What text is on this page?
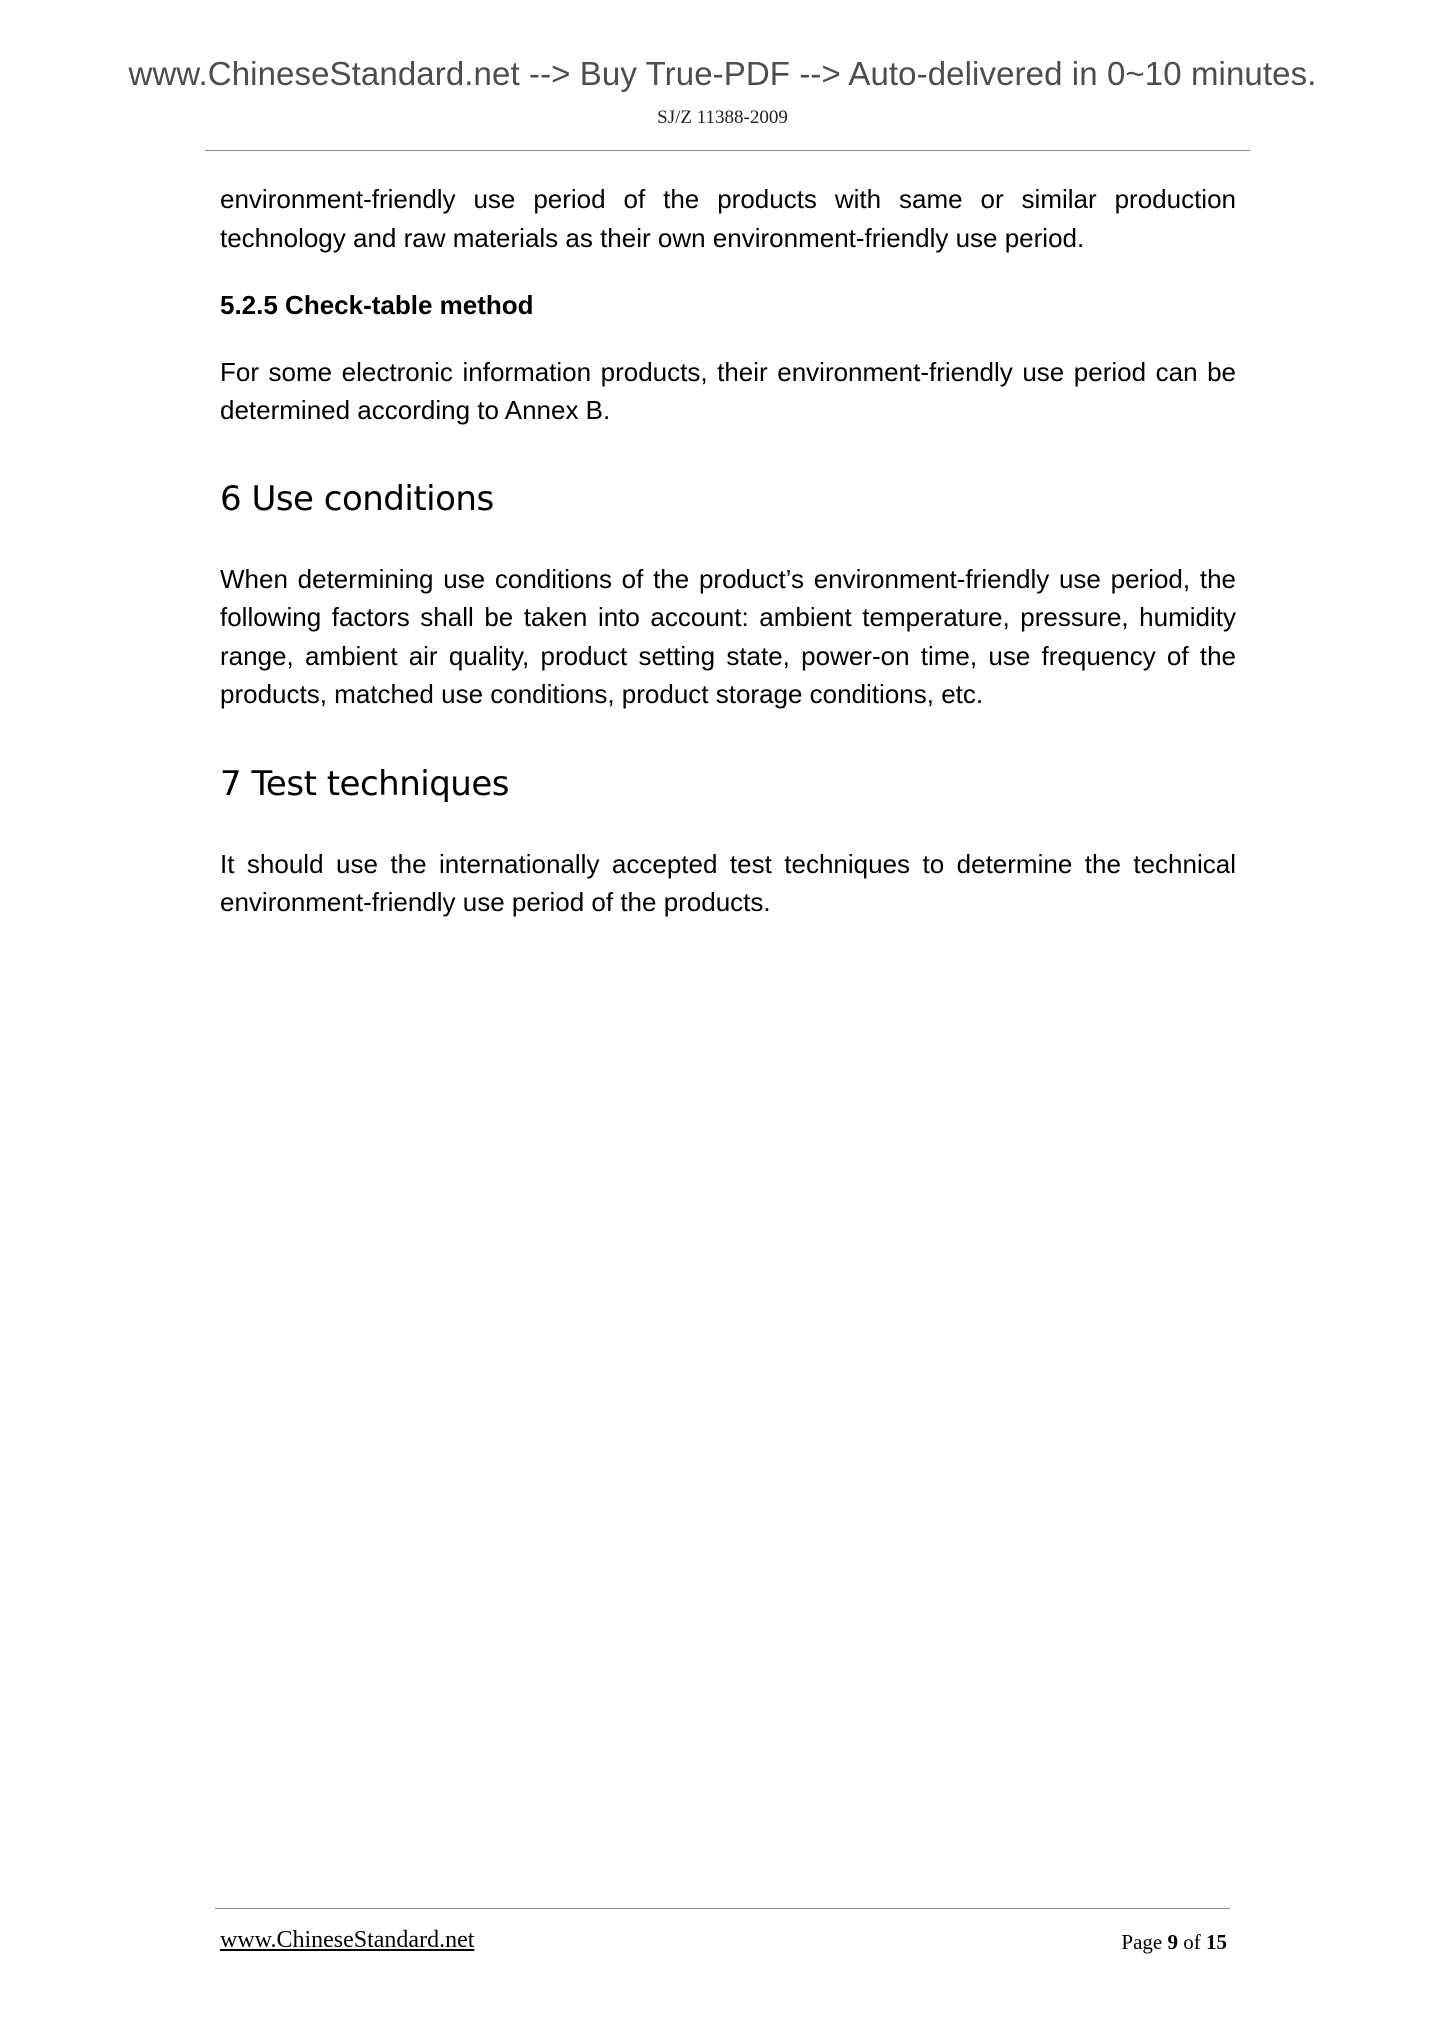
www.ChineseStandard.net --> Buy True-PDF --> Auto-delivered in 0~10 minutes.
SJ/Z 11388-2009

environment-friendly use period of the products with same or similar production technology and raw materials as their own environment-friendly use period.

5.2.5 Check-table method

For some electronic information products, their environment-friendly use period can be determined according to Annex B.

6 Use conditions

When determining use conditions of the product’s environment-friendly use period, the following factors shall be taken into account: ambient temperature, pressure, humidity range, ambient air quality, product setting state, power-on time, use frequency of the products, matched use conditions, product storage conditions, etc.

7 Test techniques

It should use the internationally accepted test techniques to determine the technical environment-friendly use period of the products.

www.ChineseStandard.net	Page 9 of 15
